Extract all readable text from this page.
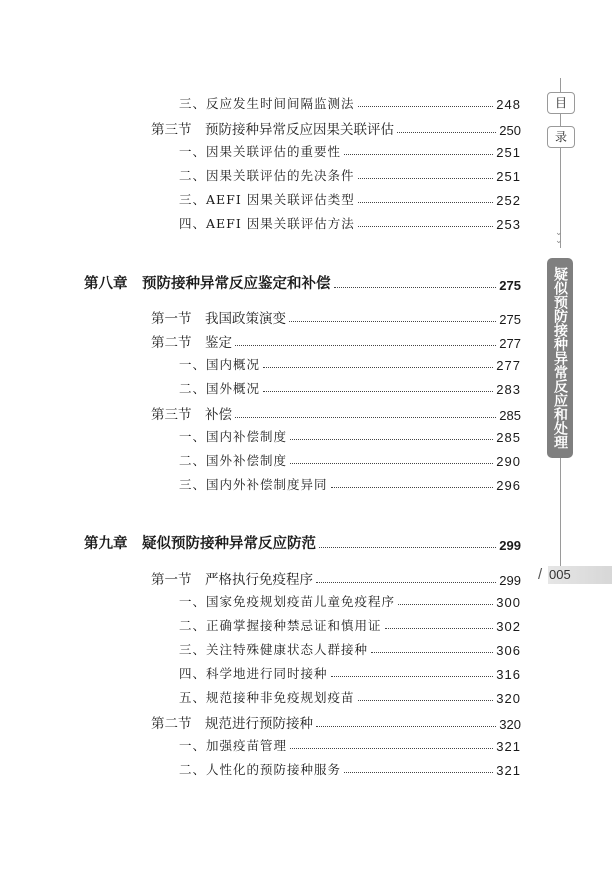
三、反应发生时间间隔监测法	248
第三节　预防接种异常反应因果关联评估	250
一、因果关联评估的重要性	251
二、因果关联评估的先决条件	251
三、AEFI 因果关联评估类型	252
四、AEFI 因果关联评估方法	253
第八章　预防接种异常反应鉴定和补偿	275
第一节　我国政策演变	275
第二节　鉴定	277
一、国内概况	277
二、国外概况	283
第三节　补偿	285
一、国内补偿制度	285
二、国外补偿制度	290
三、国内外补偿制度异同	296
第九章　疑似预防接种异常反应防范	299
第一节　严格执行免疫程序	299
一、国家免疫规划疫苗儿童免疫程序	300
二、正确掌握接种禁忌证和慎用证	302
三、关注特殊健康状态人群接种	306
四、科学地进行同时接种	316
五、规范接种非免疫规划疫苗	320
第二节　规范进行预防接种	320
一、加强疫苗管理	321
二、人性化的预防接种服务	321
目
录
⌄
⌄
疑似预防接种异常反应和处理
/ 005
